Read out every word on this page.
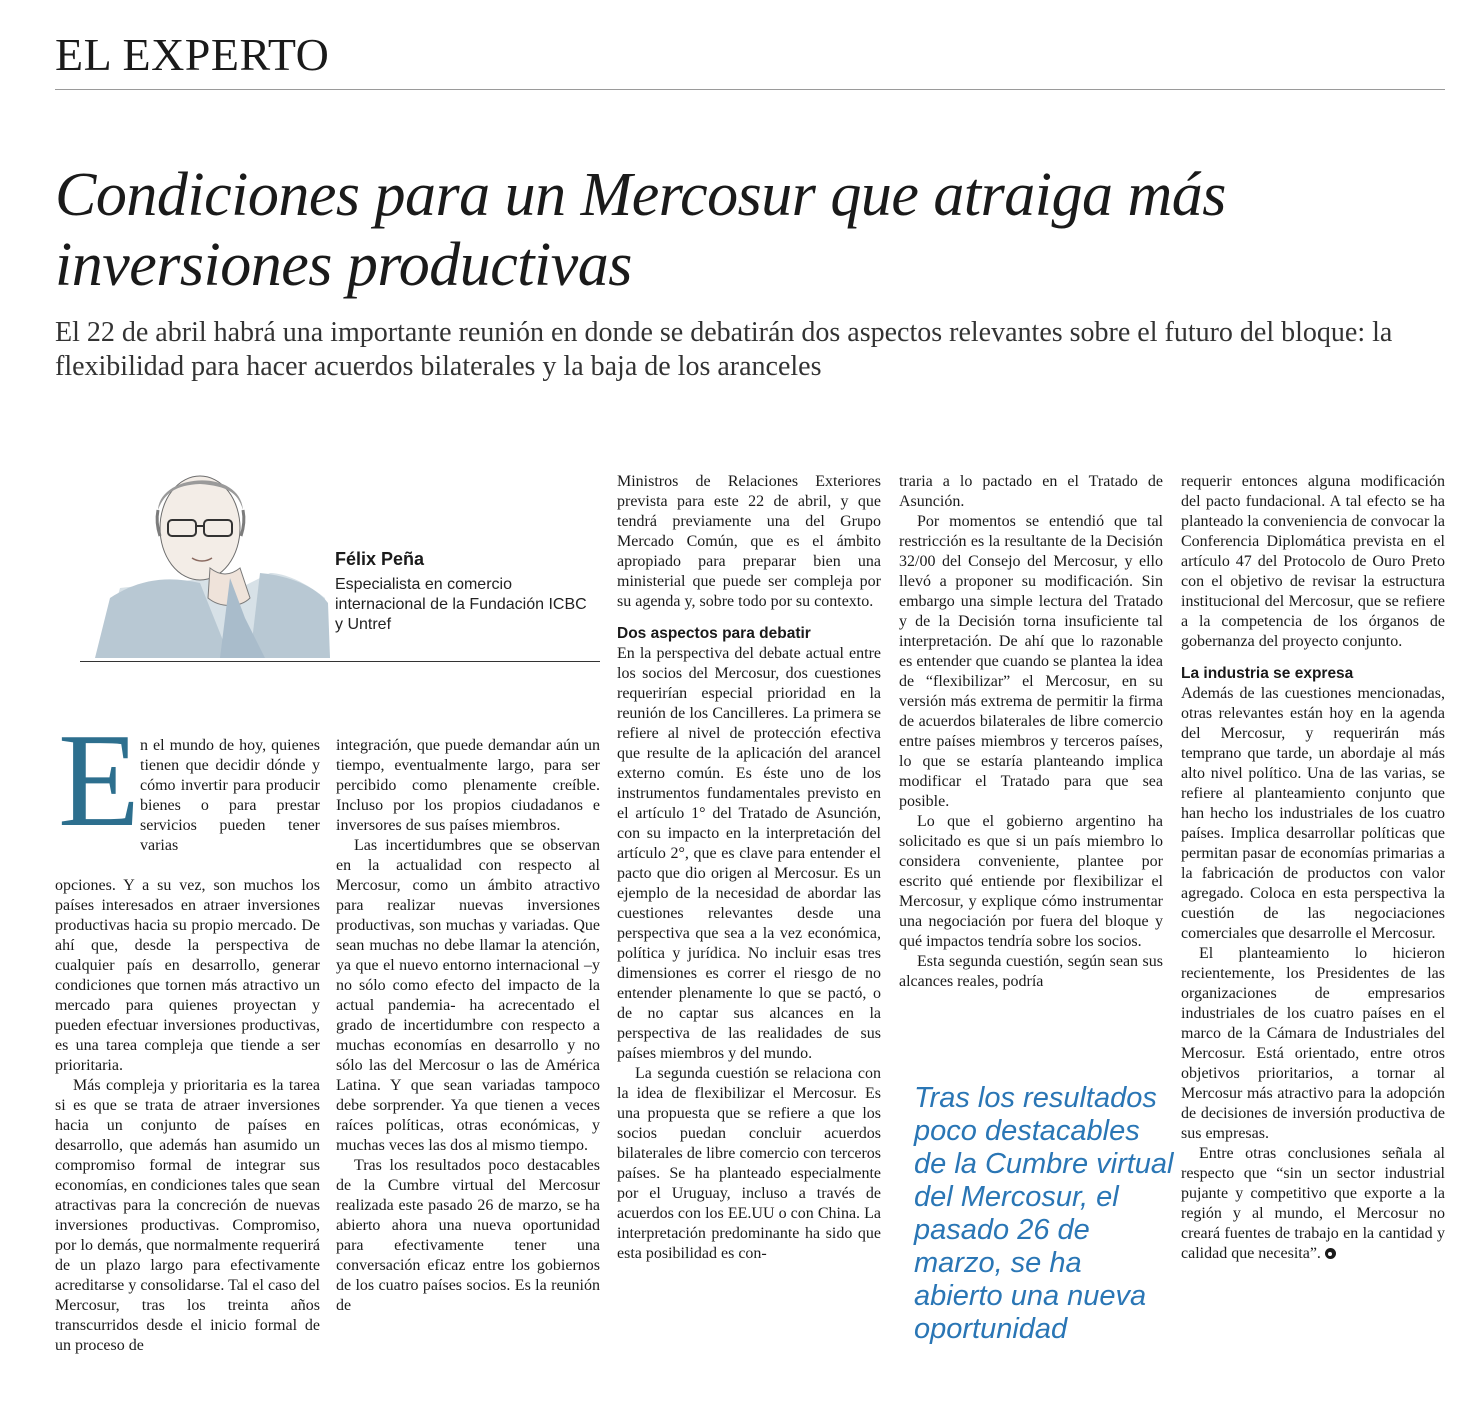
EL EXPERTO
Condiciones para un Mercosur que atraiga más inversiones productivas

El 22 de abril habrá una importante reunión en donde se debatirán dos aspectos relevantes sobre el futuro del bloque: la flexibilidad para hacer acuerdos bilaterales y la baja de los aranceles

Félix Peña
Especialista en comercio internacional de la Fundación ICBC y Untref
E n el mundo de hoy, quienes tienen que decidir dónde y cómo invertir para producir bienes o para prestar servicios pueden tener varias

opciones. Y a su vez, son muchos los países interesados en atraer inversiones productivas hacia su propio mercado. De ahí que, desde la perspectiva de cualquier país en desarrollo, generar condiciones que tornen más atractivo un mercado para quienes proyectan y pueden efectuar inversiones productivas, es una tarea compleja que tiende a ser prioritaria.

Más compleja y prioritaria es la tarea si es que se trata de atraer inversiones hacia un conjunto de países en desarrollo, que además han asumido un compromiso formal de integrar sus economías, en condiciones tales que sean atractivas para la concreción de nuevas inversiones productivas. Compromiso, por lo demás, que normalmente requerirá de un plazo largo para efectivamente acreditarse y consolidarse. Tal el caso del Mercosur, tras los treinta años transcurridos desde el inicio formal de un proceso de

integración, que puede demandar aún un tiempo, eventualmente largo, para ser percibido como plenamente creíble. Incluso por los propios ciudadanos e inversores de sus países miembros.

Las incertidumbres que se observan en la actualidad con respecto al Mercosur, como un ámbito atractivo para realizar nuevas inversiones productivas, son muchas y variadas. Que sean muchas no debe llamar la atención, ya que el nuevo entorno internacional –y no sólo como efecto del impacto de la actual pandemia- ha acrecentado el grado de incertidumbre con respecto a muchas economías en desarrollo y no sólo las del Mercosur o las de América Latina. Y que sean variadas tampoco debe sorprender. Ya que tienen a veces raíces políticas, otras económicas, y muchas veces las dos al mismo tiempo.

Tras los resultados poco destacables de la Cumbre virtual del Mercosur realizada este pasado 26 de marzo, se ha abierto ahora una nueva oportunidad para efectivamente tener una conversación eficaz entre los gobiernos de los cuatro países socios. Es la reunión de

Ministros de Relaciones Exteriores prevista para este 22 de abril, y que tendrá previamente una del Grupo Mercado Común, que es el ámbito apropiado para preparar bien una ministerial que puede ser compleja por su agenda y, sobre todo por su contexto.

Dos aspectos para debatir

En la perspectiva del debate actual entre los socios del Mercosur, dos cuestiones requerirían especial prioridad en la reunión de los Cancilleres. La primera se refiere al nivel de protección efectiva que resulte de la aplicación del arancel externo común. Es éste uno de los instrumentos fundamentales previsto en el artículo 1° del Tratado de Asunción, con su impacto en la interpretación del artículo 2°, que es clave para entender el pacto que dio origen al Mercosur. Es un ejemplo de la necesidad de abordar las cuestiones relevantes desde una perspectiva que sea a la vez económica, política y jurídica. No incluir esas tres dimensiones es correr el riesgo de no entender plenamente lo que se pactó, o de no captar sus alcances en la perspectiva de las realidades de sus países miembros y del mundo.

La segunda cuestión se relaciona con la idea de flexibilizar el Mercosur. Es una propuesta que se refiere a que los socios puedan concluir acuerdos bilaterales de libre comercio con terceros países. Se ha planteado especialmente por el Uruguay, incluso a través de acuerdos con los EE.UU o con China. La interpretación predominante ha sido que esta posibilidad es con-

traria a lo pactado en el Tratado de Asunción.

Por momentos se entendió que tal restricción es la resultante de la Decisión 32/00 del Consejo del Mercosur, y ello llevó a proponer su modificación. Sin embargo una simple lectura del Tratado y de la Decisión torna insuficiente tal interpretación. De ahí que lo razonable es entender que cuando se plantea la idea de “flexibilizar” el Mercosur, en su versión más extrema de permitir la firma de acuerdos bilaterales de libre comercio entre países miembros y terceros países, lo que se estaría planteando implica modificar el Tratado para que sea posible.

Lo que el gobierno argentino ha solicitado es que si un país miembro lo considera conveniente, plantee por escrito qué entiende por flexibilizar el Mercosur, y explique cómo instrumentar una negociación por fuera del bloque y qué impactos tendría sobre los socios.

Esta segunda cuestión, según sean sus alcances reales, podría

Tras los resultados poco destacables de la Cumbre virtual del Mercosur, el pasado 26 de marzo, se ha abierto una nueva oportunidad

requerir entonces alguna modificación del pacto fundacional. A tal efecto se ha planteado la conveniencia de convocar la Conferencia Diplomática prevista en el artículo 47 del Protocolo de Ouro Preto con el objetivo de revisar la estructura institucional del Mercosur, que se refiere a la competencia de los órganos de gobernanza del proyecto conjunto.

La industria se expresa

Además de las cuestiones mencionadas, otras relevantes están hoy en la agenda del Mercosur, y requerirán más temprano que tarde, un abordaje al más alto nivel político. Una de las varias, se refiere al planteamiento conjunto que han hecho los industriales de los cuatro países. Implica desarrollar políticas que permitan pasar de economías primarias a la fabricación de productos con valor agregado. Coloca en esta perspectiva la cuestión de las negociaciones comerciales que desarrolle el Mercosur.

El planteamiento lo hicieron recientemente, los Presidentes de las organizaciones de empresarios industriales de los cuatro países en el marco de la Cámara de Industriales del Mercosur. Está orientado, entre otros objetivos prioritarios, a tornar al Mercosur más atractivo para la adopción de decisiones de inversión productiva de sus empresas.

Entre otras conclusiones señala al respecto que “sin un sector industrial pujante y competitivo que exporte a la región y al mundo, el Mercosur no creará fuentes de trabajo en la cantidad y calidad que necesita”.
